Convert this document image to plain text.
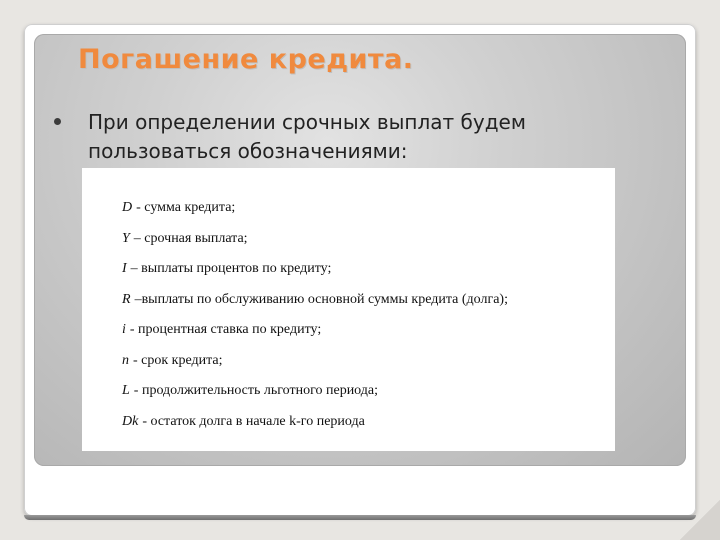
Погашение кредита.
При определении срочных выплат будем пользоваться обозначениями:
D - сумма кредита;
Y – срочная выплата;
I – выплаты процентов по кредиту;
R –выплаты по обслуживанию основной суммы кредита (долга);
i - процентная ставка по кредиту;
n - срок кредита;
L - продолжительность льготного периода;
Dk - остаток долга в начале k-го периода
